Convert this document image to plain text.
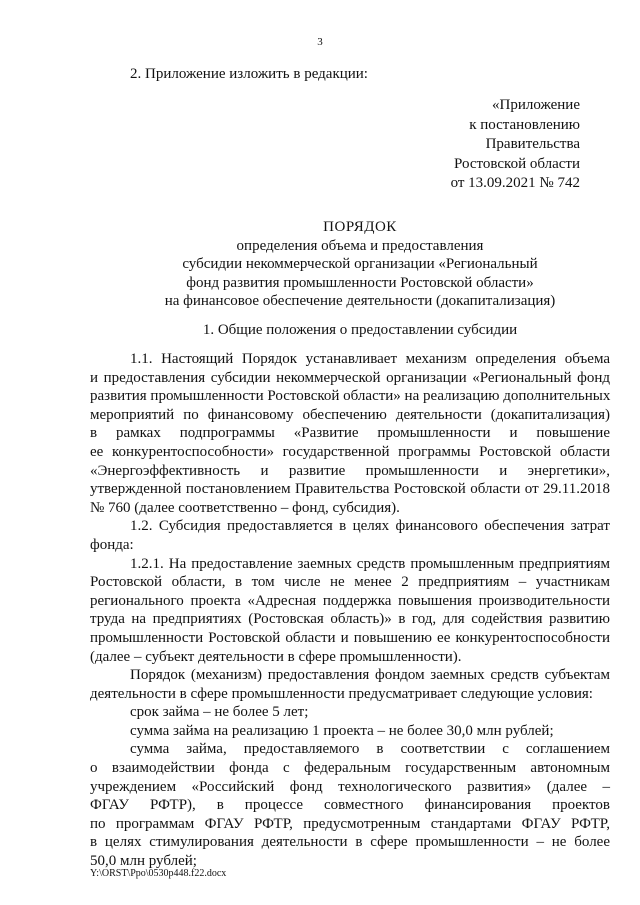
3
2. Приложение изложить в редакции:
«Приложение
к постановлению
Правительства
Ростовской области
от 13.09.2021 № 742
ПОРЯДОК
определения объема и предоставления
субсидии некоммерческой организации «Региональный
фонд развития промышленности Ростовской области»
на финансовое обеспечение деятельности (докапитализация)
1. Общие положения о предоставлении субсидии
1.1. Настоящий Порядок устанавливает механизм определения объема
и предоставления субсидии некоммерческой организации «Региональный фонд
развития промышленности Ростовской области» на реализацию дополнительных
мероприятий по финансовому обеспечению деятельности (докапитализация)
в рамках подпрограммы «Развитие промышленности и повышение
ее конкурентоспособности» государственной программы Ростовской области
«Энергоэффективность и развитие промышленности и энергетики»,
утвержденной постановлением Правительства Ростовской области от 29.11.2018
№ 760 (далее соответственно – фонд, субсидия).
1.2. Субсидия предоставляется в целях финансового обеспечения затрат
фонда:
1.2.1. На предоставление заемных средств промышленным предприятиям
Ростовской области, в том числе не менее 2 предприятиям – участникам
регионального проекта «Адресная поддержка повышения производительности
труда на предприятиях (Ростовская область)» в год, для содействия развитию
промышленности Ростовской области и повышению ее конкурентоспособности
(далее – субъект деятельности в сфере промышленности).
Порядок (механизм) предоставления фондом заемных средств субъектам
деятельности в сфере промышленности предусматривает следующие условия:
срок займа – не более 5 лет;
сумма займа на реализацию 1 проекта – не более 30,0 млн рублей;
сумма займа, предоставляемого в соответствии с соглашением
о взаимодействии фонда с федеральным государственным автономным
учреждением «Российский фонд технологического развития» (далее –
ФГАУ РФТР), в процессе совместного финансирования проектов
по программам ФГАУ РФТР, предусмотренным стандартами ФГАУ РФТР,
в целях стимулирования деятельности в сфере промышленности – не более
50,0 млн рублей;
Y:\ORST\Ppo\0530p448.f22.docx
